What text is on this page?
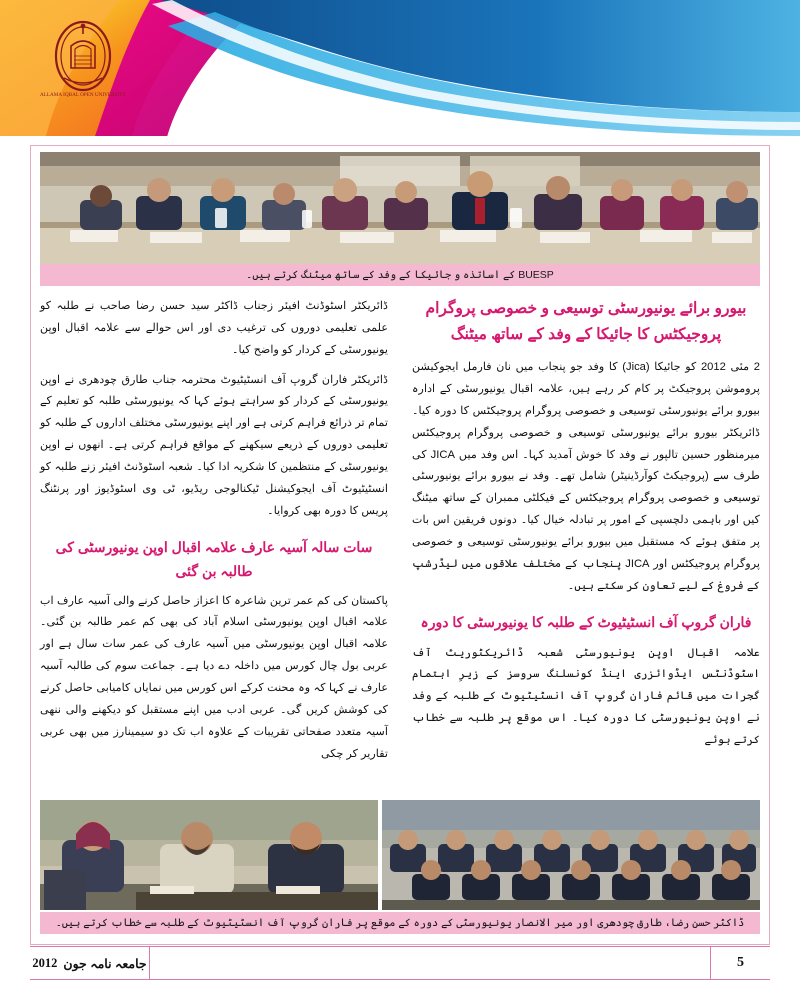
ALLAMA IQBAL OPEN UNIVERSITY
BUESP کے اساتذہ و جائیکا کے وفد کے ساتھ میٹنگ کرتے ہیں۔
بیورو برائے یونیورسٹی توسیعی و خصوصی پروگرام پروجیکٹس کا جائیکا کے وفد کے ساتھ میٹنگ

2 مئی 2012 کو جائیکا (Jica) کا وفد جو پنجاب میں نان فارمل ایجوکیشن پروموشن پروجیکٹ پر کام کر رہے ہیں، علامہ اقبال یونیورسٹی کے ادارہ بیورو برائے یونیورسٹی توسیعی و خصوصی پروگرام پروجیکٹس کا دورہ کیا۔ ڈائریکٹر بیورو برائے یونیورسٹی توسیعی و خصوصی پروگرام پروجیکٹس میرمنظور حسین تالپور نے وفد کا خوش آمدید کہا۔ اس وفد میں JICA کی طرف سے (پروجیکٹ کوآرڈینیٹر) شامل تھے۔ وفد نے بیورو برائے یونیورسٹی توسیعی و خصوصی پروگرام پروجیکٹس کے فیکلٹی ممبران کے ساتھ میٹنگ کیں اور باہمی دلچسپی کے امور پر تبادلہ خیال کیا۔ دونوں فریقین اس بات پر متفق ہوئے کہ مستقبل میں بیورو برائے یونیورسٹی توسیعی و خصوصی پروگرام پروجیکٹس اور JICA پنجاب کے مختلف علاقوں میں لیڈرشپ کے فروغ کے لیے تعاون کر سکتے ہیں۔

فاران گروپ آف انسٹیٹیوٹ کے طلبہ کا یونیورسٹی کا دورہ

علامہ اقبال اوپن یونیورسٹی شعبہ ڈائریکٹوریٹ آف اسٹوڈنٹس ایڈوائزری اینڈ کونسلنگ سروسز کے زیرِ اہتمام گجرات میں قائم فاران گروپ آف انسٹیٹیوٹ کے طلبہ کے وفد نے اوپن یونیورسٹی کا دورہ کیا۔ اس موقع پر طلبہ سے خطاب کرتے ہوئے

ڈائریکٹر اسٹوڈنٹ افیئر زجناب ڈاکٹر سید حسن رضا صاحب نے طلبہ کو علمی تعلیمی دوروں کی ترغیب دی اور اس حوالے سے علامہ اقبال اوپن یونیورسٹی کے کردار کو واضح کیا۔

ڈائریکٹر فاران گروپ آف انسٹیٹیوٹ محترمہ جناب طارق چودھری نے اوپن یونیورسٹی کے کردار کو سراہتے ہوئے کہا کہ یونیورسٹی طلبہ کو تعلیم کے تمام تر ذرائع فراہم کرتی ہے اور اپنے یونیورسٹی مختلف اداروں کے طلبہ کو تعلیمی دوروں کے ذریعے سیکھنے کے مواقع فراہم کرتی ہے۔ انھوں نے اوپن یونیورسٹی کے منتظمین کا شکریہ ادا کیا۔ شعبہ اسٹوڈنٹ افیئر زنے طلبہ کو انسٹیٹیوٹ آف ایجوکیشنل ٹیکنالوجی ریڈیو، ٹی وی اسٹوڈیوز اور پرنٹنگ پریس کا دورہ بھی کروایا۔

سات سالہ آسیہ عارف علامہ اقبال اوپن یونیورسٹی کی طالبہ بن گئی

پاکستان کی کم عمر ترین شاعرہ کا اعزاز حاصل کرنے والی آسیہ عارف اب علامہ اقبال اوپن یونیورسٹی اسلام آباد کی بھی کم عمر طالبہ بن گئی۔ علامہ اقبال اوپن یونیورسٹی میں آسیہ عارف کی عمر سات سال ہے اور عربی بول چال کورس میں داخلہ دے دیا ہے۔ جماعت سوم کی طالبہ آسیہ عارف نے کہا کہ وہ محنت کرکے اس کورس میں نمایاں کامیابی حاصل کرنے کی کوشش کریں گی۔ عربی ادب میں اپنے مستقبل کو دیکھنے والی ننھی آسیہ متعدد صفحاتی تقریبات کے علاوہ اب تک دو سیمینارز میں بھی عربی تقاریر کر چکی

ڈاکٹر حسن رضا، طارق چودھری اور میر الانصار یونیورسٹی کے دورہ کے موقع پر فاران گروپ آف انسٹیٹیوٹ کے طلبہ سے خطاب کرتے ہیں۔
جامعہ نامہ جون
2012	5
